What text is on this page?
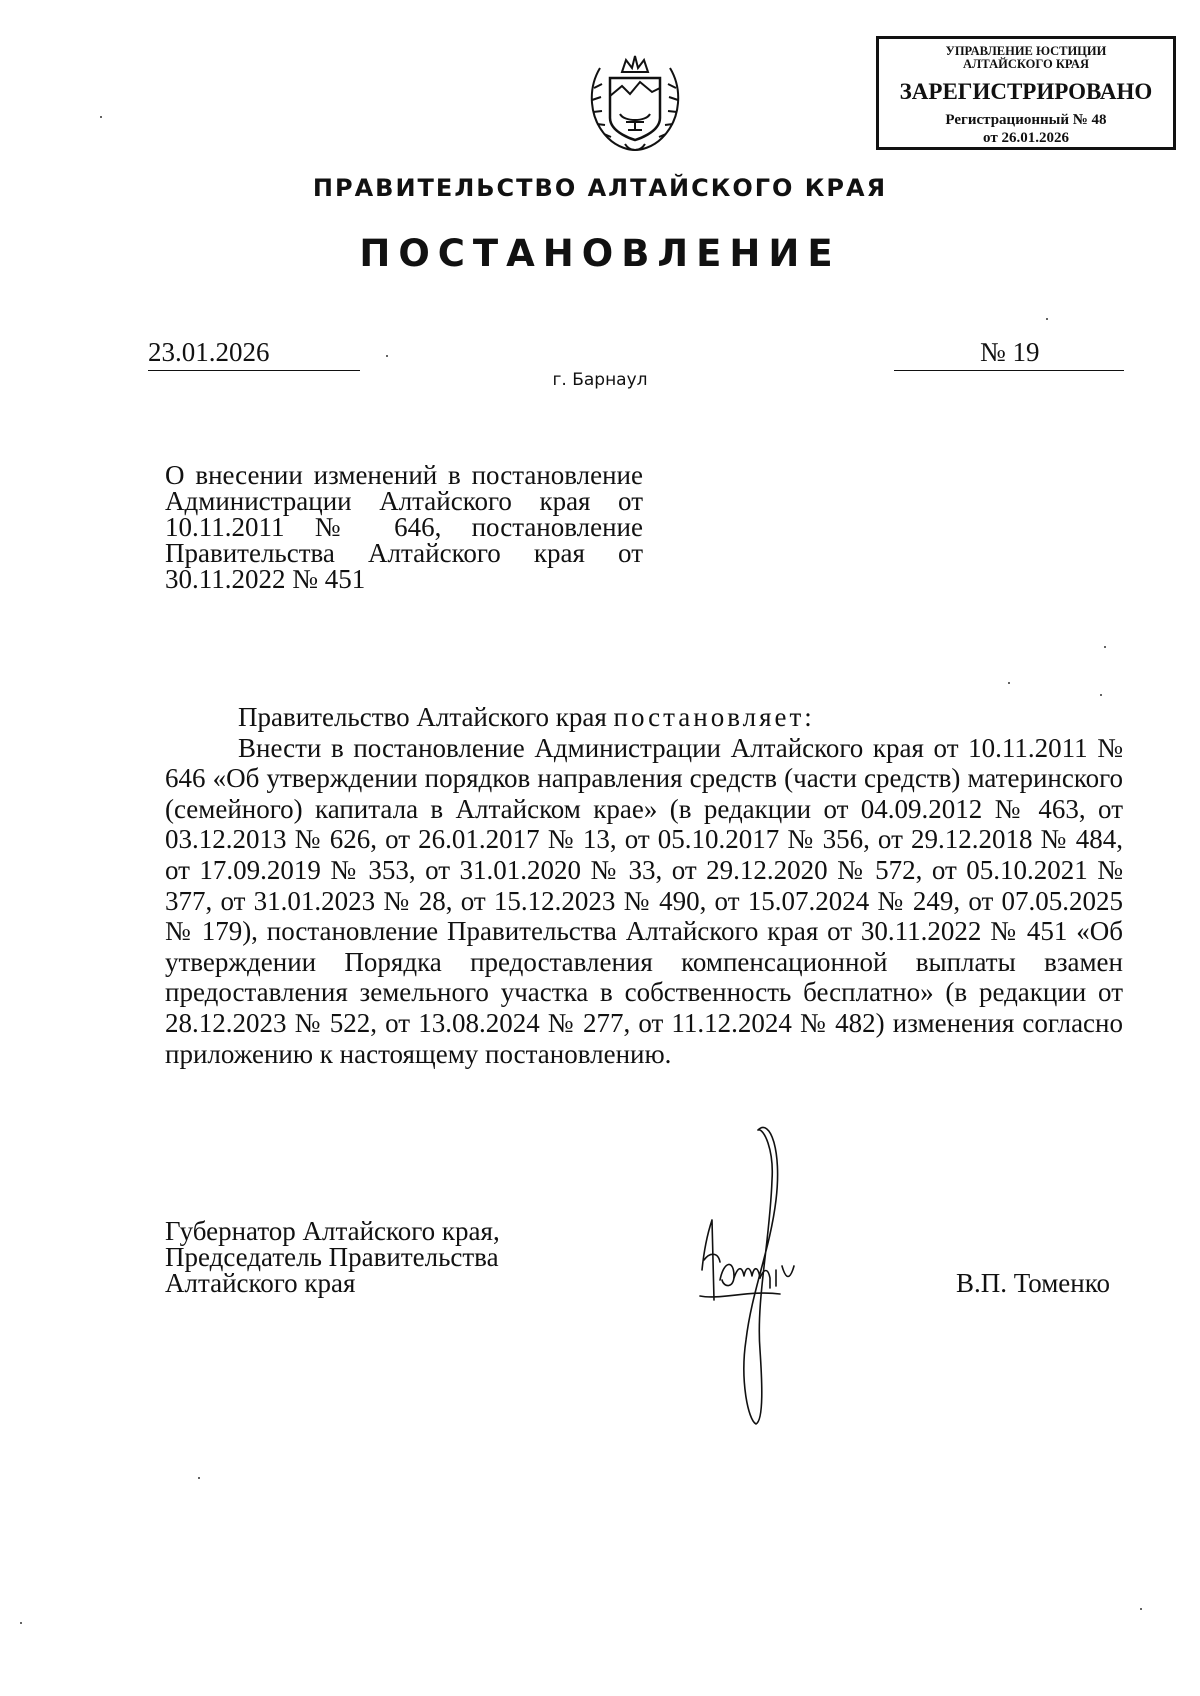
УПРАВЛЕНИЕ ЮСТИЦИИ
АЛТАЙСКОГО КРАЯ
ЗАРЕГИСТРИРОВАНО
Регистрационный № 48
от 26.01.2026
ПРАВИТЕЛЬСТВО АЛТАЙСКОГО КРАЯ
ПОСТАНОВЛЕНИЕ
23.01.2026	№ 19
г. Барнаул
О внесении изменений в постановление Администрации Алтайского края от 10.11.2011 № 646, постановление Правительства Алтайского края от 30.11.2022 № 451

Правительство Алтайского края постановляет:

Внести в постановление Администрации Алтайского края от 10.11.2011 № 646 «Об утверждении порядков направления средств (части средств) материнского (семейного) капитала в Алтайском крае» (в редакции от 04.09.2012 № 463, от 03.12.2013 № 626, от 26.01.2017 № 13, от 05.10.2017 № 356, от 29.12.2018 № 484, от 17.09.2019 № 353, от 31.01.2020 № 33, от 29.12.2020 № 572, от 05.10.2021 № 377, от 31.01.2023 № 28, от 15.12.2023 № 490, от 15.07.2024 № 249, от 07.05.2025 № 179), постановление Правительства Алтайского края от 30.11.2022 № 451 «Об утверждении Порядка предоставления компенсационной выплаты взамен предоставления земельного участка в собственность бесплатно» (в редакции от 28.12.2023 № 522, от 13.08.2024 № 277, от 11.12.2024 № 482) изменения согласно приложению к настоящему постановлению.

Губернатор Алтайского края,
Председатель Правительства
Алтайского края	В.П. Томенко
